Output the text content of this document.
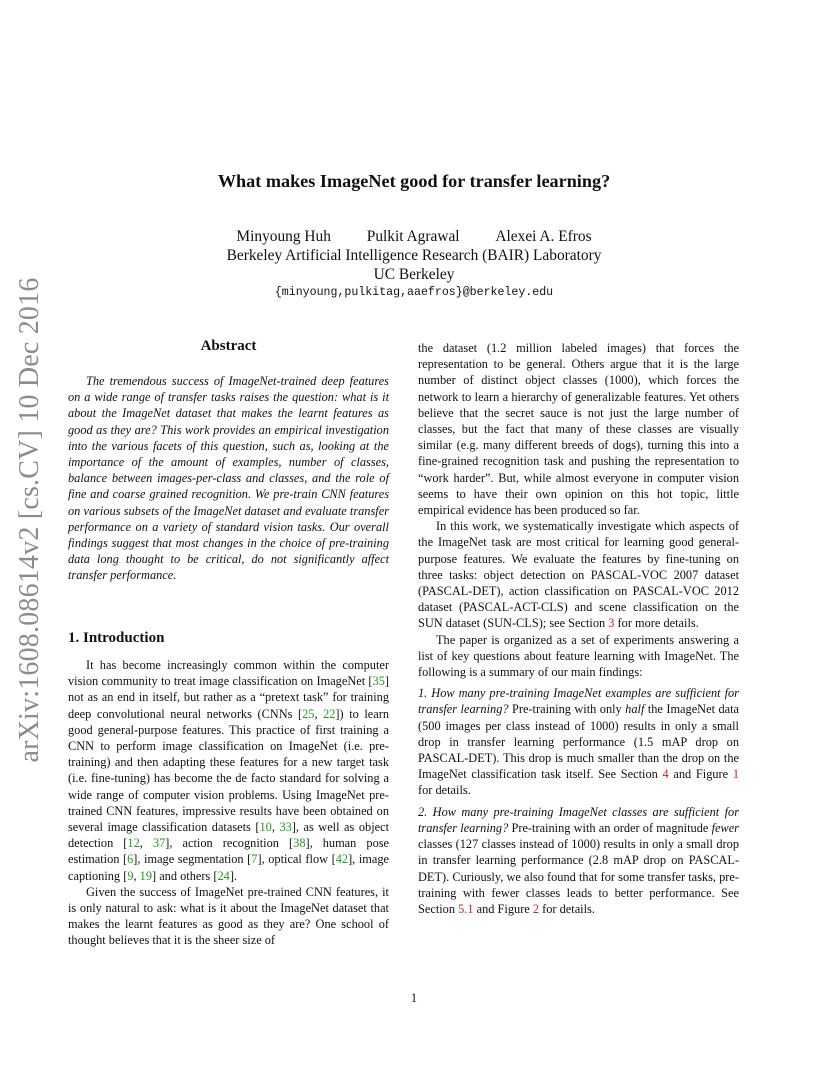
arXiv:1608.08614v2 [cs.CV] 10 Dec 2016
What makes ImageNet good for transfer learning?
Minyoung Huh Pulkit Agrawal Alexei A. Efros
Berkeley Artificial Intelligence Research (BAIR) Laboratory
UC Berkeley
{minyoung,pulkitag,aaefros}@berkeley.edu
Abstract

The tremendous success of ImageNet-trained deep features on a wide range of transfer tasks raises the question: what is it about the ImageNet dataset that makes the learnt features as good as they are? This work provides an empirical investigation into the various facets of this question, such as, looking at the importance of the amount of examples, number of classes, balance between images-per-class and classes, and the role of fine and coarse grained recognition. We pre-train CNN features on various subsets of the ImageNet dataset and evaluate transfer performance on a variety of standard vision tasks. Our overall findings suggest that most changes in the choice of pre-training data long thought to be critical, do not significantly affect transfer performance.

1. Introduction

It has become increasingly common within the computer vision community to treat image classification on ImageNet [35] not as an end in itself, but rather as a “pretext task” for training deep convolutional neural networks (CNNs [25, 22]) to learn good general-purpose features. This practice of first training a CNN to perform image classification on ImageNet (i.e. pre-training) and then adapting these features for a new target task (i.e. fine-tuning) has become the de facto standard for solving a wide range of computer vision problems. Using ImageNet pre-trained CNN features, impressive results have been obtained on several image classification datasets [10, 33], as well as object detection [12, 37], action recognition [38], human pose estimation [6], image segmentation [7], optical flow [42], image captioning [9, 19] and others [24].

Given the success of ImageNet pre-trained CNN features, it is only natural to ask: what is it about the ImageNet dataset that makes the learnt features as good as they are? One school of thought believes that it is the sheer size of

the dataset (1.2 million labeled images) that forces the representation to be general. Others argue that it is the large number of distinct object classes (1000), which forces the network to learn a hierarchy of generalizable features. Yet others believe that the secret sauce is not just the large number of classes, but the fact that many of these classes are visually similar (e.g. many different breeds of dogs), turning this into a fine-grained recognition task and pushing the representation to “work harder”. But, while almost everyone in computer vision seems to have their own opinion on this hot topic, little empirical evidence has been produced so far.

In this work, we systematically investigate which aspects of the ImageNet task are most critical for learning good general-purpose features. We evaluate the features by fine-tuning on three tasks: object detection on PASCAL-VOC 2007 dataset (PASCAL-DET), action classification on PASCAL-VOC 2012 dataset (PASCAL-ACT-CLS) and scene classification on the SUN dataset (SUN-CLS); see Section 3 for more details.

The paper is organized as a set of experiments answering a list of key questions about feature learning with ImageNet. The following is a summary of our main findings:

1. How many pre-training ImageNet examples are sufficient for transfer learning? Pre-training with only half the ImageNet data (500 images per class instead of 1000) results in only a small drop in transfer learning performance (1.5 mAP drop on PASCAL-DET). This drop is much smaller than the drop on the ImageNet classification task itself. See Section 4 and Figure 1 for details.

2. How many pre-training ImageNet classes are sufficient for transfer learning? Pre-training with an order of magnitude fewer classes (127 classes instead of 1000) results in only a small drop in transfer learning performance (2.8 mAP drop on PASCAL-DET). Curiously, we also found that for some transfer tasks, pre-training with fewer classes leads to better performance. See Section 5.1 and Figure 2 for details.

1
